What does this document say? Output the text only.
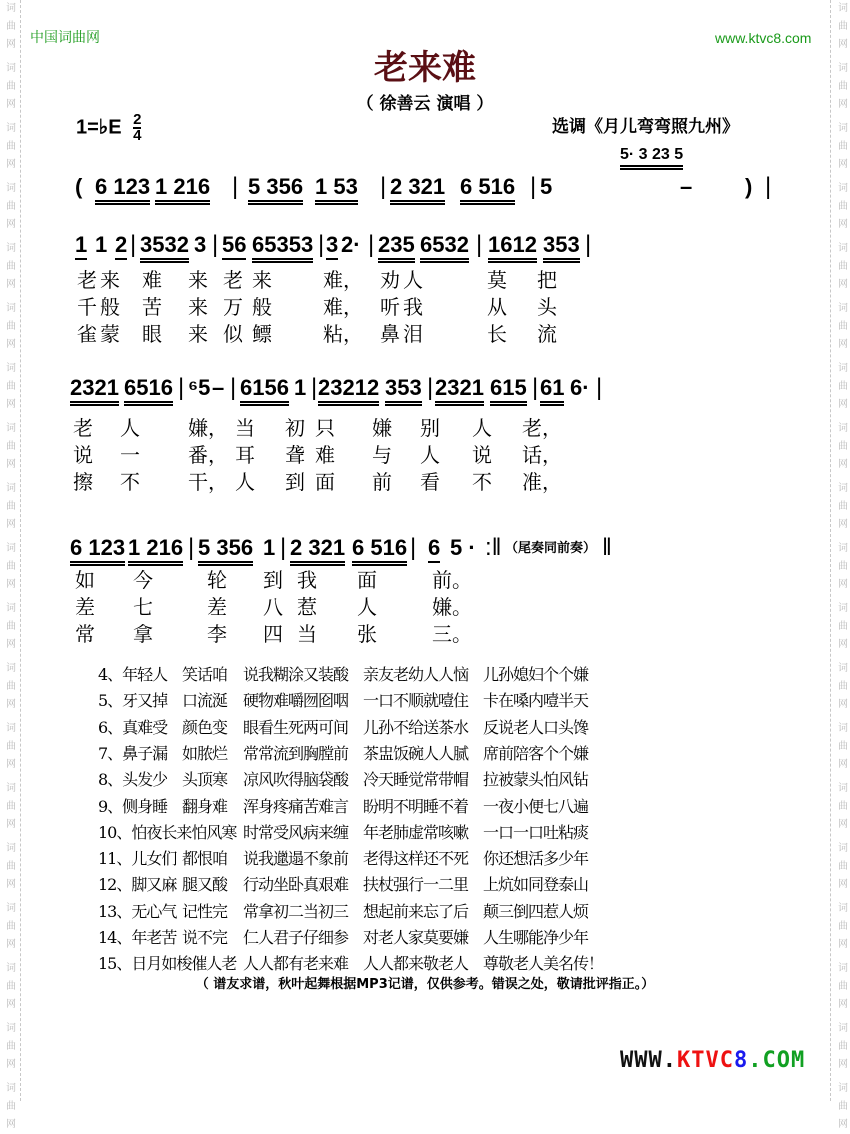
词
曲
网
词
曲
网
词
曲
网
词
曲
网
词
曲
网
词
曲
网
词
曲
网
词
曲
网
词
曲
网
词
曲
网
词
曲
网
词
曲
网
词
曲
网
词
曲
网
词
曲
网
词
曲
网
词
曲
网
词
曲
网
词
曲
网
词
曲
网
词
曲
网
词
曲
网
词
曲
网
词
曲
网
词
曲
网
词
曲
网
词
曲
网
词
曲
网
词
曲
网
词
曲
网
词
曲
网
词
曲
网
词
曲
网
词
曲
网
词
曲
网
词
曲
网
词
曲
网
词
曲
网
中国词曲网	www.ktvc8.com
老来难
（ 徐善云 演唱 ）
1=♭E $\frac{2}{4}$	选调《月儿弯弯照九州》
( 6 123 1 216 | 5 356 1 53 | 2 321 6 516 | 5	– ) |
5· 3 23 5
1 1 2 | 3532 3 | 56 65353 | 3 2· | 235 6532 | 1612 353 |
2321 6516 | ⁶5 – | 6156 1 | 23212 353 | 2321 615 | 61 6· |
6 123 1 216 | 5 356 1 | 2 321 6 516 | 6 5 · :‖ （尾奏同前奏） ‖
老 来 难 来 老 来	难， 劝 人	莫 把
千 般 苦 来 万 般	难， 听 我	从 头
雀 蒙 眼 来 似 鳔	粘， 鼻 泪	长 流
老 人 嫌， 当 初 只 嫌 别 人 老，
说 一 番， 耳 聋 难 与 人 说 话，
擦 不 干， 人 到 面 前 看 不 准，
如 今	轮 到 我 面	前。
差 七	差 八 惹 人	嫌。
常 拿	李 四 当 张	三。
4、年轻人 笑话咱 说我糊涂又装酸 亲友老幼人人恼 儿孙媳妇个个嫌
5、牙又掉 口流涎 硬物难嚼囫囵咽 一口不顺就噎住 卡在嗓内噎半天
6、真难受 颜色变 眼看生死两可间 儿孙不给送茶水 反说老人口头馋
7、鼻子漏 如脓烂 常常流到胸膛前 茶盅饭碗人人腻 席前陪客个个嫌
8、头发少 头顶寒 凉风吹得脑袋酸 冷天睡觉常带帽 拉被蒙头怕风钻
9、侧身睡 翻身难 浑身疼痛苦难言 盼明不明睡不着 一夜小便七八遍
10、怕夜长来怕风寒 时常受风病来缠 年老肺虚常咳嗽 一口一口吐粘痰
11、儿女们 都恨咱 说我邋遢不象前 老得这样还不死 你还想活多少年
12、脚又麻 腿又酸 行动坐卧真艰难 扶杖强行一二里 上炕如同登泰山
13、无心气 记性完 常拿初二当初三 想起前来忘了后 颠三倒四惹人烦
14、年老苦 说不完 仁人君子仔细参 对老人家莫要嫌 人生哪能净少年
15、日月如梭催人老 人人都有老来难 人人都来敬老人 尊敬老人美名传！
（ 谱友求谱，秋叶起舞根据MP3记谱，仅供参考。错误之处，敬请批评指正。）
WWW.KTVC8.COM
